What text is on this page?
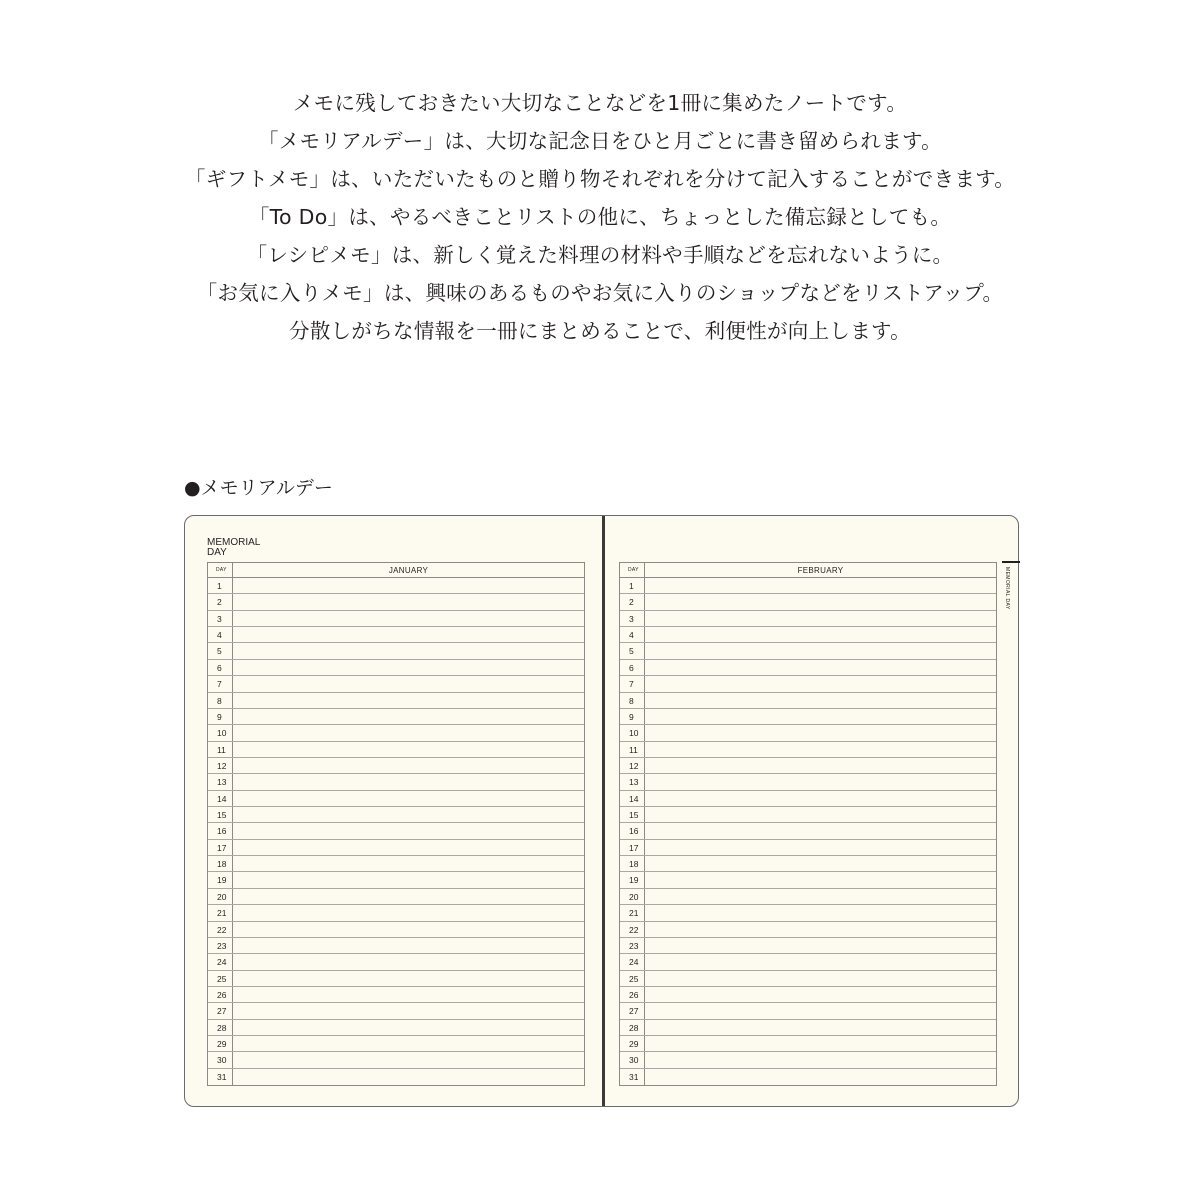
メモに残しておきたい大切なことなどを1冊に集めたノートです。
「メモリアルデー」は、大切な記念日をひと月ごとに書き留められます。
「ギフトメモ」は、いただいたものと贈り物それぞれを分けて記入することができます。
「To Do」は、やるべきことリストの他に、ちょっとした備忘録としても。
「レシピメモ」は、新しく覚えた料理の材料や手順などを忘れないように。
「お気に入りメモ」は、興味のあるものやお気に入りのショップなどをリストアップ。
分散しがちな情報を一冊にまとめることで、利便性が向上します。
●メモリアルデー
MEMORIAL
DAY
DAY	JANUARY
1
2
3
4
5
6
7
8
9
10
11
12
13
14
15
16
17
18
19
20
21
22
23
24
25
26
27
28
29
30
31
DAY	FEBRUARY
1
2
3
4
5
6
7
8
9
10
11
12
13
14
15
16
17
18
19
20
21
22
23
24
25
26
27
28
29
30
31
MEMORIAL DAY
